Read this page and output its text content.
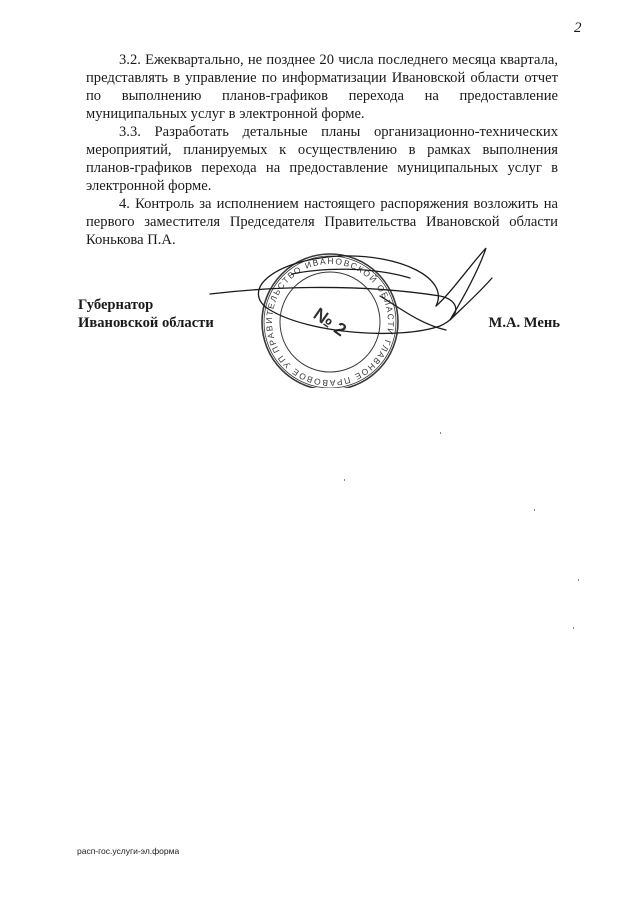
2

3.2. Ежеквартально, не позднее 20 числа последнего месяца квартала, представлять в управление по информатизации Ивановской области отчет по выполнению планов-графиков перехода на предоставление муниципальных услуг в электронной форме.

3.3. Разработать детальные планы организационно-технических мероприятий, планируемых к осуществлению в рамках выполнения планов-графиков перехода на предоставление муниципальных услуг в электронной форме.

4. Контроль за исполнением настоящего распоряжения возложить на первого заместителя Председателя Правительства Ивановской области Конькова П.А.

ПРАВИТЕЛЬСТВО ИВАНОВСКОЙ ОБЛАСТИ ГЛАВНОЕ ПРАВОВОЕ УПРАВЛЕНИЕ	№ 2
Губернатор
Ивановской области	М.А. Мень
расп-гос.услуги-эл.форма
